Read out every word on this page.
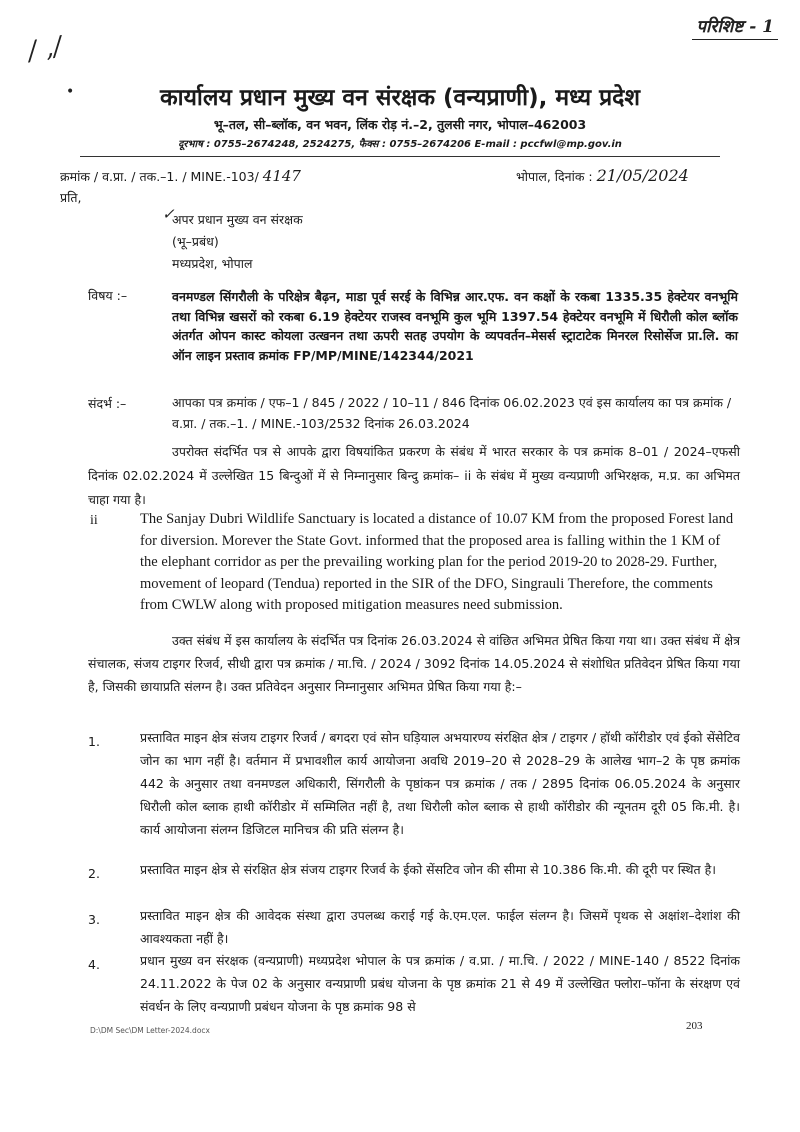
परिशिष्ट - 1
/ ,/
•	कार्यालय प्रधान मुख्य वन संरक्षक (वन्यप्राणी), मध्य प्रदेश
भू–तल, सी–ब्लॉक, वन भवन, लिंक रोड़ नं.–2, तुलसी नगर, भोपाल–462003
दूरभाष : 0755–2674248, 2524275, फैक्स : 0755–2674206 E-mail : pccfwl@mp.gov.in
क्रमांक / व.प्रा. / तक.–1. / MINE.-103/ 4147	भोपाल, दिनांक : 21/05/2024
प्रति,
✓
अपर प्रधान मुख्य वन संरक्षक
(भू–प्रबंध)
मध्यप्रदेश, भोपाल
विषय :–	वनमण्डल सिंगरौली के परिक्षेत्र बैढ़न, माडा पूर्व सरई के विभिन्न आर.एफ. वन कक्षों के रकबा 1335.35 हेक्टेयर वनभूमि तथा विभिन्न खसरों को रकबा 6.19 हेक्टेयर राजस्व वनभूमि कुल भूमि 1397.54 हेक्टेयर वनभूमि में धिरौली कोल ब्लॉक अंतर्गत ओपन कास्ट कोयला उत्खनन तथा ऊपरी सतह उपयोग के व्यपवर्तन–मेसर्स स्ट्राटाटेक मिनरल रिसोर्सेज प्रा.लि. का ऑन लाइन प्रस्ताव क्रमांक FP/MP/MINE/142344/2021
संदर्भ :–	आपका पत्र क्रमांक / एफ–1 / 845 / 2022 / 10–11 / 846 दिनांक 06.02.2023 एवं इस कार्यालय का पत्र क्रमांक / व.प्रा. / तक.–1. / MINE.-103/2532 दिनांक 26.03.2024
उपरोक्त संदर्भित पत्र से आपके द्वारा विषयांकित प्रकरण के संबंध में भारत सरकार के पत्र क्रमांक 8–01 / 2024–एफसी दिनांक 02.02.2024 में उल्लेखित 15 बिन्दुओं में से निम्नानुसार बिन्दु क्रमांक– ii के संबंध में मुख्य वन्यप्राणी अभिरक्षक, म.प्र. का अभिमत चाहा गया है।
ii	The Sanjay Dubri Wildlife Sanctuary is located a distance of 10.07 KM from the proposed Forest land for diversion. Morever the State Govt. informed that the proposed area is falling within the 1 KM of the elephant corridor as per the prevailing working plan for the period 2019-20 to 2028-29. Further, movement of leopard (Tendua) reported in the SIR of the DFO, Singrauli Therefore, the comments from CWLW along with proposed mitigation measures need submission.
उक्त संबंध में इस कार्यालय के संदर्भित पत्र दिनांक 26.03.2024 से वांछित अभिमत प्रेषित किया गया था। उक्त संबंध में क्षेत्र संचालक, संजय टाइगर रिजर्व, सीधी द्वारा पत्र क्रमांक / मा.चि. / 2024 / 3092 दिनांक 14.05.2024 से संशोधित प्रतिवेदन प्रेषित किया गया है, जिसकी छायाप्रति संलग्न है। उक्त प्रतिवेदन अनुसार निम्नानुसार अभिमत प्रेषित किया गया है:–
1.	प्रस्तावित माइन क्षेत्र संजय टाइगर रिजर्व / बगदरा एवं सोन घड़ियाल अभयारण्य संरक्षित क्षेत्र / टाइगर / हॉथी कॉरीडोर एवं ईको सेंसेटिव जोन का भाग नहीं है। वर्तमान में प्रभावशील कार्य आयोजना अवधि 2019–20 से 2028–29 के आलेख भाग–2 के पृष्ठ क्रमांक 442 के अनुसार तथा वनमण्डल अधिकारी, सिंगरौली के पृष्ठांकन पत्र क्रमांक / तक / 2895 दिनांक 06.05.2024 के अनुसार धिरौली कोल ब्लाक हाथी कॉरीडोर में सम्मिलित नहीं है, तथा धिरौली कोल ब्लाक से हाथी कॉरीडोर की न्यूनतम दूरी 05 कि.मी. है। कार्य आयोजना संलग्न डिजिटल मानिचत्र की प्रति संलग्न है।
2.	प्रस्तावित माइन क्षेत्र से संरक्षित क्षेत्र संजय टाइगर रिजर्व के ईको सेंसटिव जोन की सीमा से 10.386 कि.मी. की दूरी पर स्थित है।
3.	प्रस्तावित माइन क्षेत्र की आवेदक संस्था द्वारा उपलब्ध कराई गई के.एम.एल. फाईल संलग्न है। जिसमें पृथक से अक्षांश–देशांश की आवश्यकता नहीं है।
4.	प्रधान मुख्य वन संरक्षक (वन्यप्राणी) मध्यप्रदेश भोपाल के पत्र क्रमांक / व.प्रा. / मा.चि. / 2022 / MINE-140 / 8522 दिनांक 24.11.2022 के पेज 02 के अनुसार वन्यप्राणी प्रबंध योजना के पृष्ठ क्रमांक 21 से 49 में उल्लेखित फ्लोरा–फॉना के संरक्षण एवं संवर्धन के लिए वन्यप्राणी प्रबंधन योजना के पृष्ठ क्रमांक 98 से
D:\DM Sec\DM Letter-2024.docx	203
